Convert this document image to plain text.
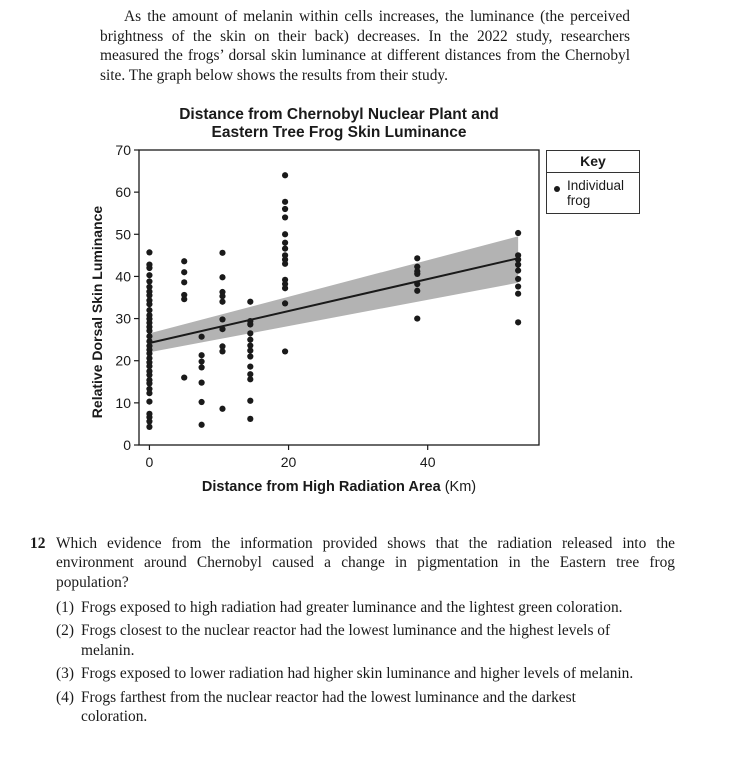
As the amount of melanin within cells increases, the luminance (the perceived brightness of the skin on their back) decreases. In the 2022 study, researchers measured the frogs’ dorsal skin luminance at different distances from the Chernobyl site. The graph below shows the results from their study.
Distance from Chernobyl Nuclear Plant and
Eastern Tree Frog Skin Luminance
0
10
20
30
40
50
60
70
0	20	40
Distance from High Radiation Area (Km)
Relative Dorsal Skin Luminance
Key
Individual frog
12 Which evidence from the information provided shows that the radiation released into the environment around Chernobyl caused a change in pigmentation in the Eastern tree frog population?
(1) Frogs exposed to high radiation had greater luminance and the lightest green coloration.
(2) Frogs closest to the nuclear reactor had the lowest luminance and the highest levels of melanin.
(3) Frogs exposed to lower radiation had higher skin luminance and higher levels of melanin.
(4) Frogs farthest from the nuclear reactor had the lowest luminance and the darkest coloration.
